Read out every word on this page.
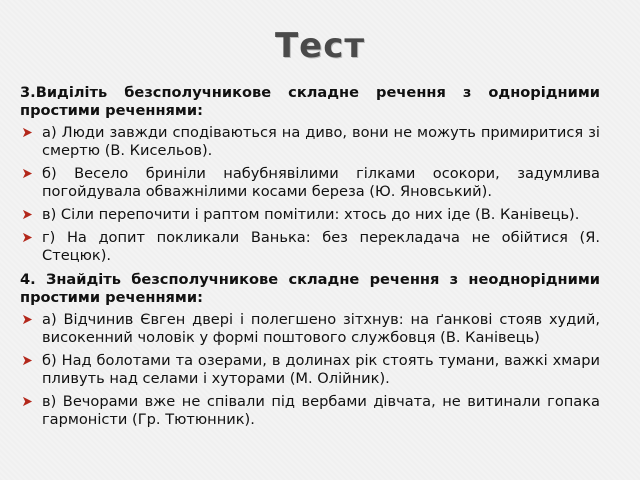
Тест
3.Виділіть безсполучникове складне речення з однорідними простими реченнями:
а) Люди завжди сподіваються на диво, вони не можуть примиритися зі смертю (В. Кисельов).
б) Весело бриніли набубнявілими гілками осокори, задумлива погойдувала обважнілими косами береза (Ю. Яновський).
в) Сіли перепочити і раптом помітили: хтось до них іде (В. Канівець).
г) На допит покликали Ванька: без перекладача не обійтися (Я. Стецюк).
4. Знайдіть безсполучникове складне речення з неоднорідними простими реченнями:
а) Відчинив Євген двері і полегшено зітхнув: на ґанкові стояв худий, високенний чоловік у формі поштового службовця (В. Канівець)
б) Над болотами та озерами, в долинах рік стоять тумани, важкі хмари пливуть над селами і хуторами (М. Олійник).
в) Вечорами вже не співали під вербами дівчата, не витинали гопака гармоністи (Гр. Тютюнник).
